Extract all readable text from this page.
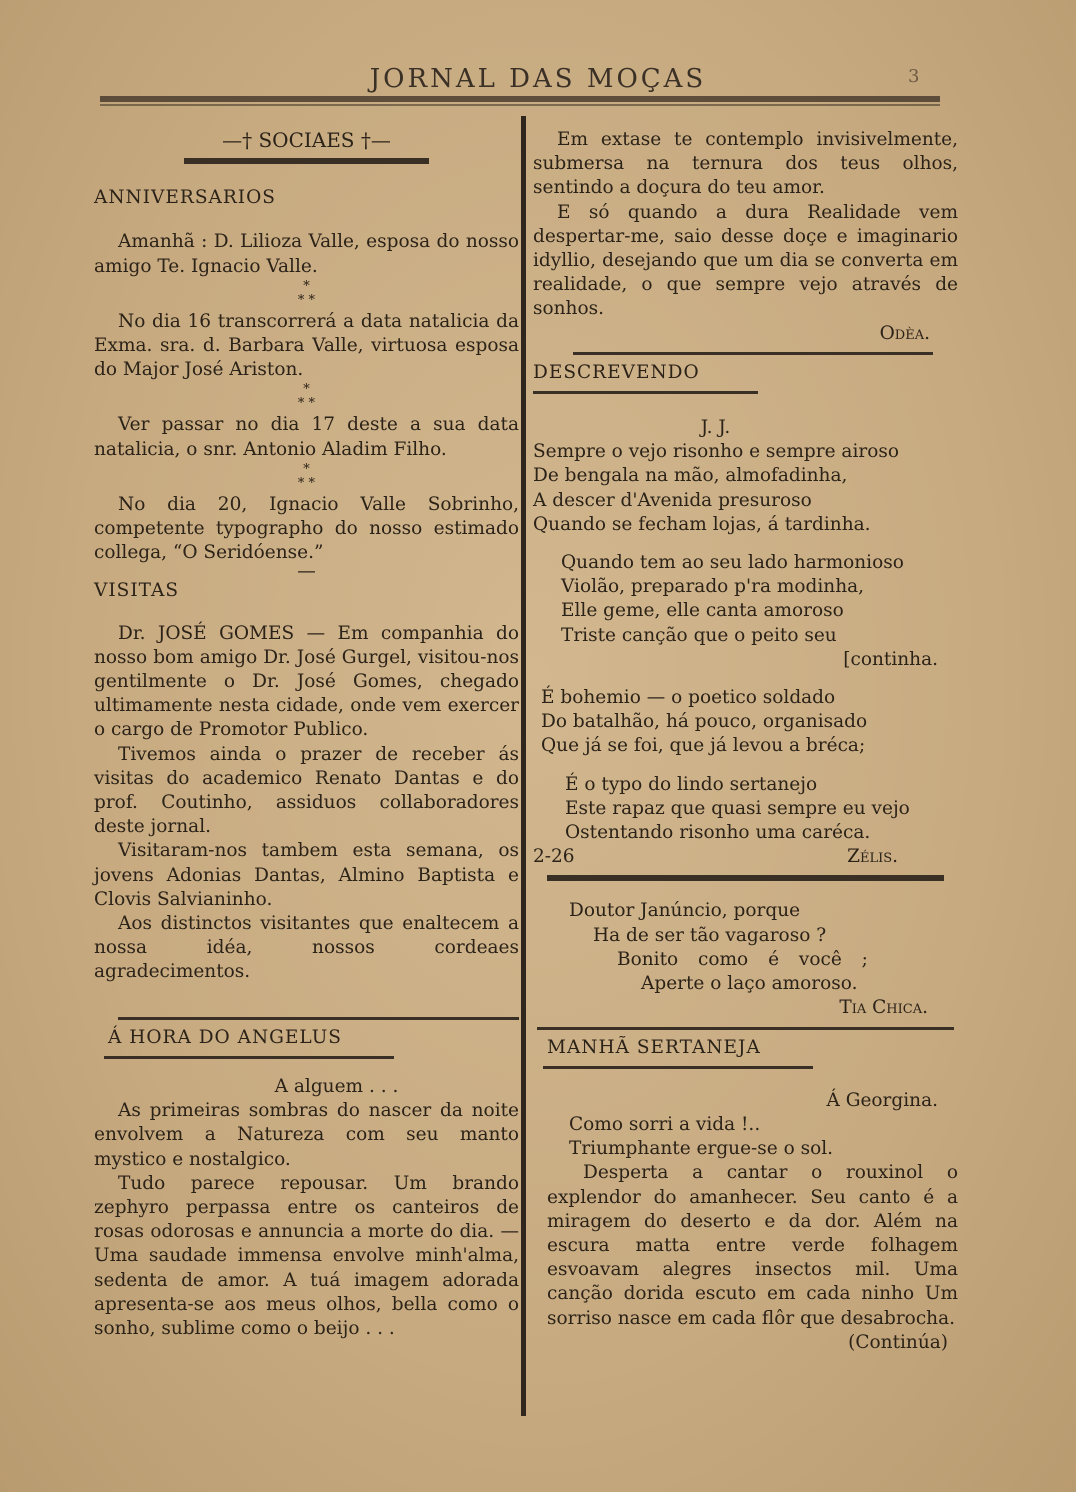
JORNAL DAS MOÇAS	3

—† SOCIAES †—

ANNIVERSARIOS

Amanhã : D. Lilioza Valle, esposa do nosso amigo Te. Ignacio Valle.

*
* *

No dia 16 transcorrerá a data natalicia da Exma. sra. d. Barbara Valle, virtuosa esposa do Major José Ariston.

*
* *

Ver passar no dia 17 deste a sua data natalicia, o snr. Antonio Aladim Filho.

*
* *

No dia 20, Ignacio Valle Sobrinho, competente typographo do nosso estimado collega, “O Seridóense.”

—

VISITAS

Dr. JOSÉ GOMES — Em companhia do nosso bom amigo Dr. José Gurgel, visitou-nos gentilmente o Dr. José Gomes, chegado ultimamente nesta cidade, onde vem exercer o cargo de Promotor Publico.

Tivemos ainda o prazer de receber ás visitas do academico Renato Dantas e do prof. Coutinho, assiduos collaboradores deste jornal.

Visitaram-nos tambem esta semana, os jovens Adonias Dantas, Almino Baptista e Clovis Salvianinho.

Aos distinctos visitantes que enaltecem a nossa idéa, nossos cordeaes agradecimentos.

Á HORA DO ANGELUS

A alguem . . .

As primeiras sombras do nascer da noite envolvem a Natureza com seu manto mystico e nostalgico.

Tudo parece repousar. Um brando zephyro perpassa entre os canteiros de rosas odorosas e annuncia a morte do dia. — Uma saudade immensa envolve minh'alma, sedenta de amor. A tuá imagem adorada apresenta-se aos meus olhos, bella como o sonho, sublime como o beijo . . .

Em extase te contemplo invisivelmente, submersa na ternura dos teus olhos, sentindo a doçura do teu amor.

E só quando a dura Realidade vem despertar-me, saio desse doçe e imaginario idyllio, desejando que um dia se converta em realidade, o que sempre vejo através de sonhos.

Odèa.

DESCREVENDO

J. J.

Sempre o vejo risonho e sempre airoso

De bengala na mão, almofadinha,

A descer d'Avenida presuroso

Quando se fecham lojas, á tardinha.

Quando tem ao seu lado harmonioso

Violão, preparado p'ra modinha,

Elle geme, elle canta amoroso

Triste canção que o peito seu

[continha.

É bohemio — o poetico soldado

Do batalhão, há pouco, organisado

Que já se foi, que já levou a bréca;

É o typo do lindo sertanejo

Este rapaz que quasi sempre eu vejo

Ostentando risonho uma caréca.

2-26	Zélis.

Doutor Janúncio, porque

Ha de ser tão vagaroso ?

Bonito como é você ;

Aperte o laço amoroso.

Tia Chica.

MANHÃ SERTANEJA

Á Georgina.

Como sorri a vida !..

Triumphante ergue-se o sol.

Desperta a cantar o rouxinol o explendor do amanhecer. Seu canto é a miragem do deserto e da dor. Além na escura matta entre verde folhagem esvoavam alegres insectos mil. Uma canção dorida escuto em cada ninho Um sorriso nasce em cada flôr que desabrocha.

(Continúa)
